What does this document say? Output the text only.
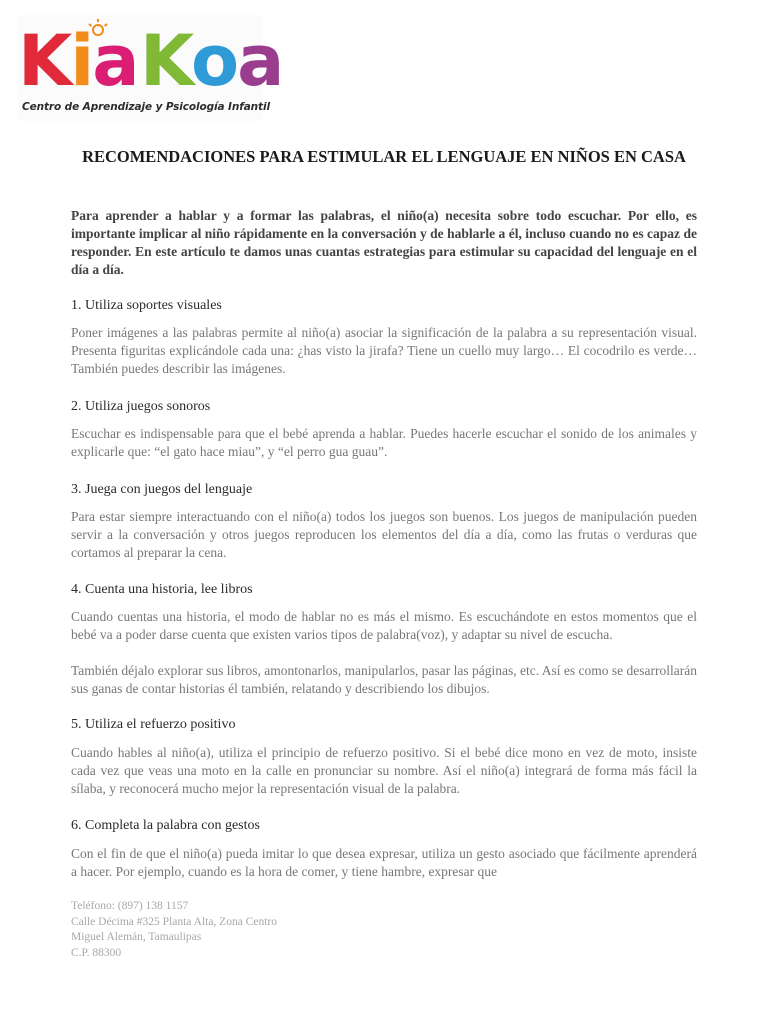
Kia Koa
Centro de Aprendizaje y Psicología Infantil
RECOMENDACIONES PARA ESTIMULAR EL LENGUAJE EN NIÑOS EN CASA

Para aprender a hablar y a formar las palabras, el niño(a) necesita sobre todo escuchar. Por ello, es importante implicar al niño rápidamente en la conversación y de hablarle a él, incluso cuando no es capaz de responder. En este artículo te damos unas cuantas estrategias para estimular su capacidad del lenguaje en el día a día.

1. Utiliza soportes visuales

Poner imágenes a las palabras permite al niño(a) asociar la significación de la palabra a su representación visual. Presenta figuritas explicándole cada una: ¿has visto la jirafa? Tiene un cuello muy largo… El cocodrilo es verde… También puedes describir las imágenes.

2. Utiliza juegos sonoros

Escuchar es indispensable para que el bebé aprenda a hablar. Puedes hacerle escuchar el sonido de los animales y explicarle que: “el gato hace miau”, y “el perro gua guau”.

3. Juega con juegos del lenguaje

Para estar siempre interactuando con el niño(a) todos los juegos son buenos. Los juegos de manipulación pueden servir a la conversación y otros juegos reproducen los elementos del día a día, como las frutas o verduras que cortamos al preparar la cena.

4. Cuenta una historia, lee libros

Cuando cuentas una historia, el modo de hablar no es más el mismo. Es escuchándote en estos momentos que el bebé va a poder darse cuenta que existen varios tipos de palabra(voz), y adaptar su nivel de escucha.

También déjalo explorar sus libros, amontonarlos, manipularlos, pasar las páginas, etc. Así es como se desarrollarán sus ganas de contar historias él también, relatando y describiendo los dibujos.

5. Utiliza el refuerzo positivo

Cuando hables al niño(a), utiliza el principio de refuerzo positivo. Si el bebé dice mono en vez de moto, insiste cada vez que veas una moto en la calle en pronunciar su nombre. Así el niño(a) integrará de forma más fácil la sílaba, y reconocerá mucho mejor la representación visual de la palabra.

6. Completa la palabra con gestos

Con el fin de que el niño(a) pueda imitar lo que desea expresar, utiliza un gesto asociado que fácilmente aprenderá a hacer. Por ejemplo, cuando es la hora de comer, y tiene hambre, expresar que

Teléfono: (897) 138 1157
Calle Décima #325 Planta Alta, Zona Centro
Miguel Alemán, Tamaulipas
C.P. 88300
